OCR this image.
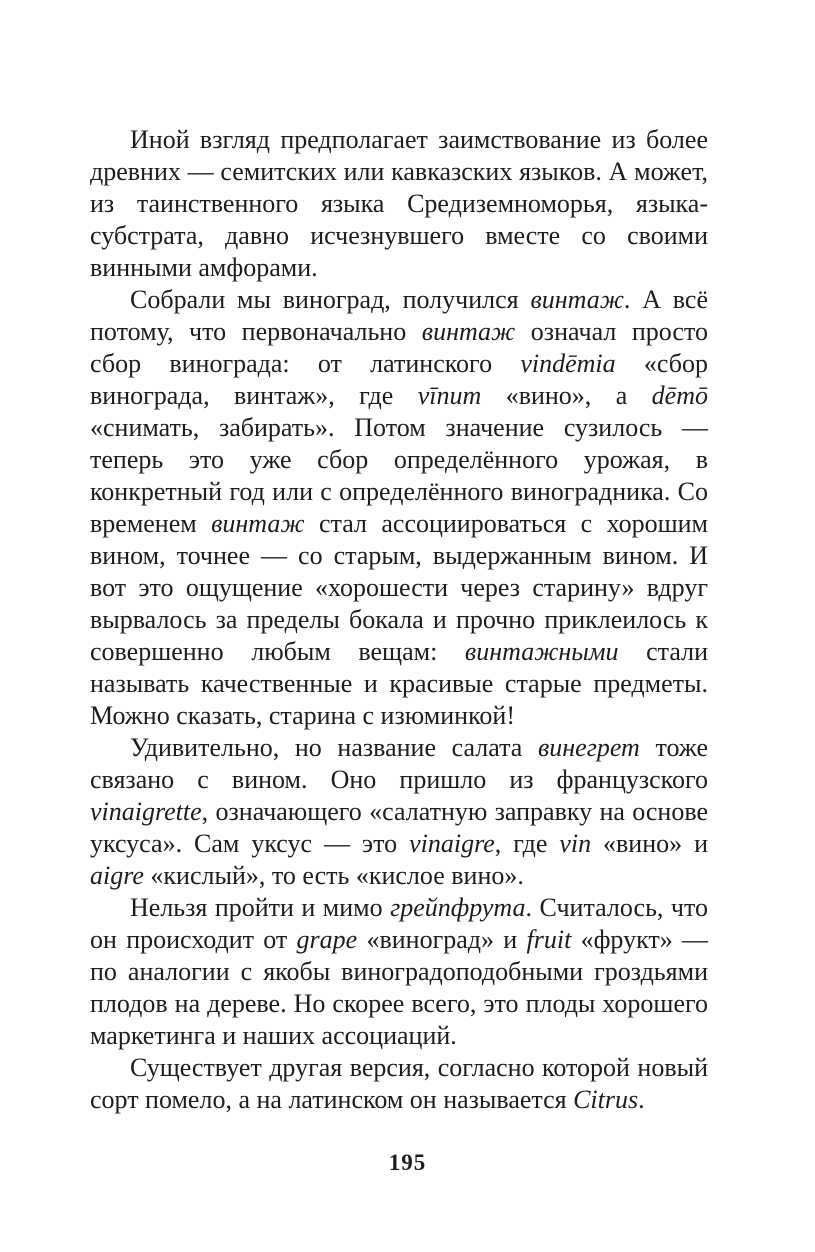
Иной взгляд предполагает заимствование из более древних — семитских или кавказских языков. А может, из таинственного языка Средиземноморья, языка-субстрата, давно исчезнувшего вместе со своими винными амфорами.

Собрали мы виноград, получился винтаж. А всё потому, что первоначально винтаж означал просто сбор винограда: от латинского vindēmia «сбор винограда, винтаж», где vīnum «вино», а dēmō «снимать, забирать». Потом значение сузилось — теперь это уже сбор определённого урожая, в конкретный год или с определённого виноградника. Со временем винтаж стал ассоциироваться с хорошим вином, точнее — со старым, выдержанным вином. И вот это ощущение «хорошести через старину» вдруг вырвалось за пределы бокала и прочно приклеилось к совершенно любым вещам: винтажными стали называть качественные и красивые старые предметы. Можно сказать, старина с изюминкой!

Удивительно, но название салата винегрет тоже связано с вином. Оно пришло из французского vinaigrette, означающего «салатную заправку на основе уксуса». Сам уксус — это vinaigre, где vin «вино» и aigre «кислый», то есть «кислое вино».

Нельзя пройти и мимо грейпфрута. Считалось, что он происходит от grape «виноград» и fruit «фрукт» — по аналогии с якобы виноградоподобными гроздьями плодов на дереве. Но скорее всего, это плоды хорошего маркетинга и наших ассоциаций.

Существует другая версия, согласно которой новый сорт помело, а на латинском он называется Citrus.

195
